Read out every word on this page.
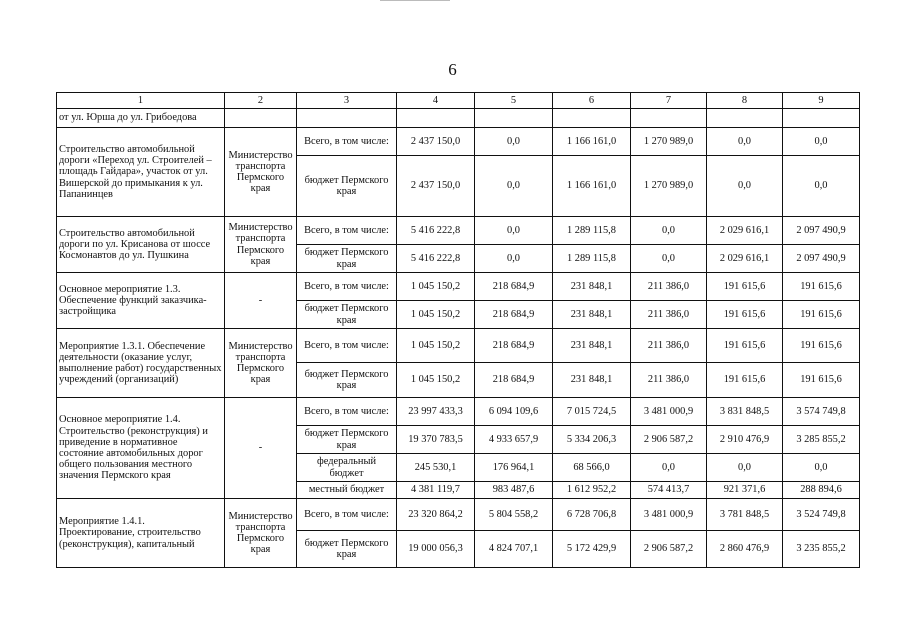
6
1	2	3	4	5	6	7	8	9
от ул. Юрша до ул. Грибоедова								
Строительство автомобильной дороги «Переход ул. Строителей – площадь Гайдара», участок от ул. Вишерской до примыкания к ул. Папанинцев	Министерство транспорта Пермского края	Всего, в том числе:	2 437 150,0	0,0	1 166 161,0	1 270 989,0	0,0	0,0
		бюджет Пермского края	2 437 150,0	0,0	1 166 161,0	1 270 989,0	0,0	0,0
Строительство автомобильной дороги по ул. Крисанова от шоссе Космонавтов до ул. Пушкина	Министерство транспорта Пермского края	Всего, в том числе:	5 416 222,8	0,0	1 289 115,8	0,0	2 029 616,1	2 097 490,9
		бюджет Пермского края	5 416 222,8	0,0	1 289 115,8	0,0	2 029 616,1	2 097 490,9
Основное мероприятие 1.3. Обеспечение функций заказчика-застройщика	-	Всего, в том числе:	1 045 150,2	218 684,9	231 848,1	211 386,0	191 615,6	191 615,6
		бюджет Пермского края	1 045 150,2	218 684,9	231 848,1	211 386,0	191 615,6	191 615,6
Мероприятие 1.3.1. Обеспечение деятельности (оказание услуг, выполнение работ) государственных учреждений (организаций)	Министерство транспорта Пермского края	Всего, в том числе:	1 045 150,2	218 684,9	231 848,1	211 386,0	191 615,6	191 615,6
		бюджет Пермского края	1 045 150,2	218 684,9	231 848,1	211 386,0	191 615,6	191 615,6
Основное мероприятие 1.4. Строительство (реконструкция) и приведение в нормативное состояние автомобильных дорог общего пользования местного значения Пермского края	-	Всего, в том числе:	23 997 433,3	6 094 109,6	7 015 724,5	3 481 000,9	3 831 848,5	3 574 749,8
		бюджет Пермского края	19 370 783,5	4 933 657,9	5 334 206,3	2 906 587,2	2 910 476,9	3 285 855,2
		федеральный бюджет	245 530,1	176 964,1	68 566,0	0,0	0,0	0,0
		местный бюджет	4 381 119,7	983 487,6	1 612 952,2	574 413,7	921 371,6	288 894,6
Мероприятие 1.4.1. Проектирование, строительство (реконструкция), капитальный	Министерство транспорта Пермского края	Всего, в том числе:	23 320 864,2	5 804 558,2	6 728 706,8	3 481 000,9	3 781 848,5	3 524 749,8
		бюджет Пермского края	19 000 056,3	4 824 707,1	5 172 429,9	2 906 587,2	2 860 476,9	3 235 855,2
